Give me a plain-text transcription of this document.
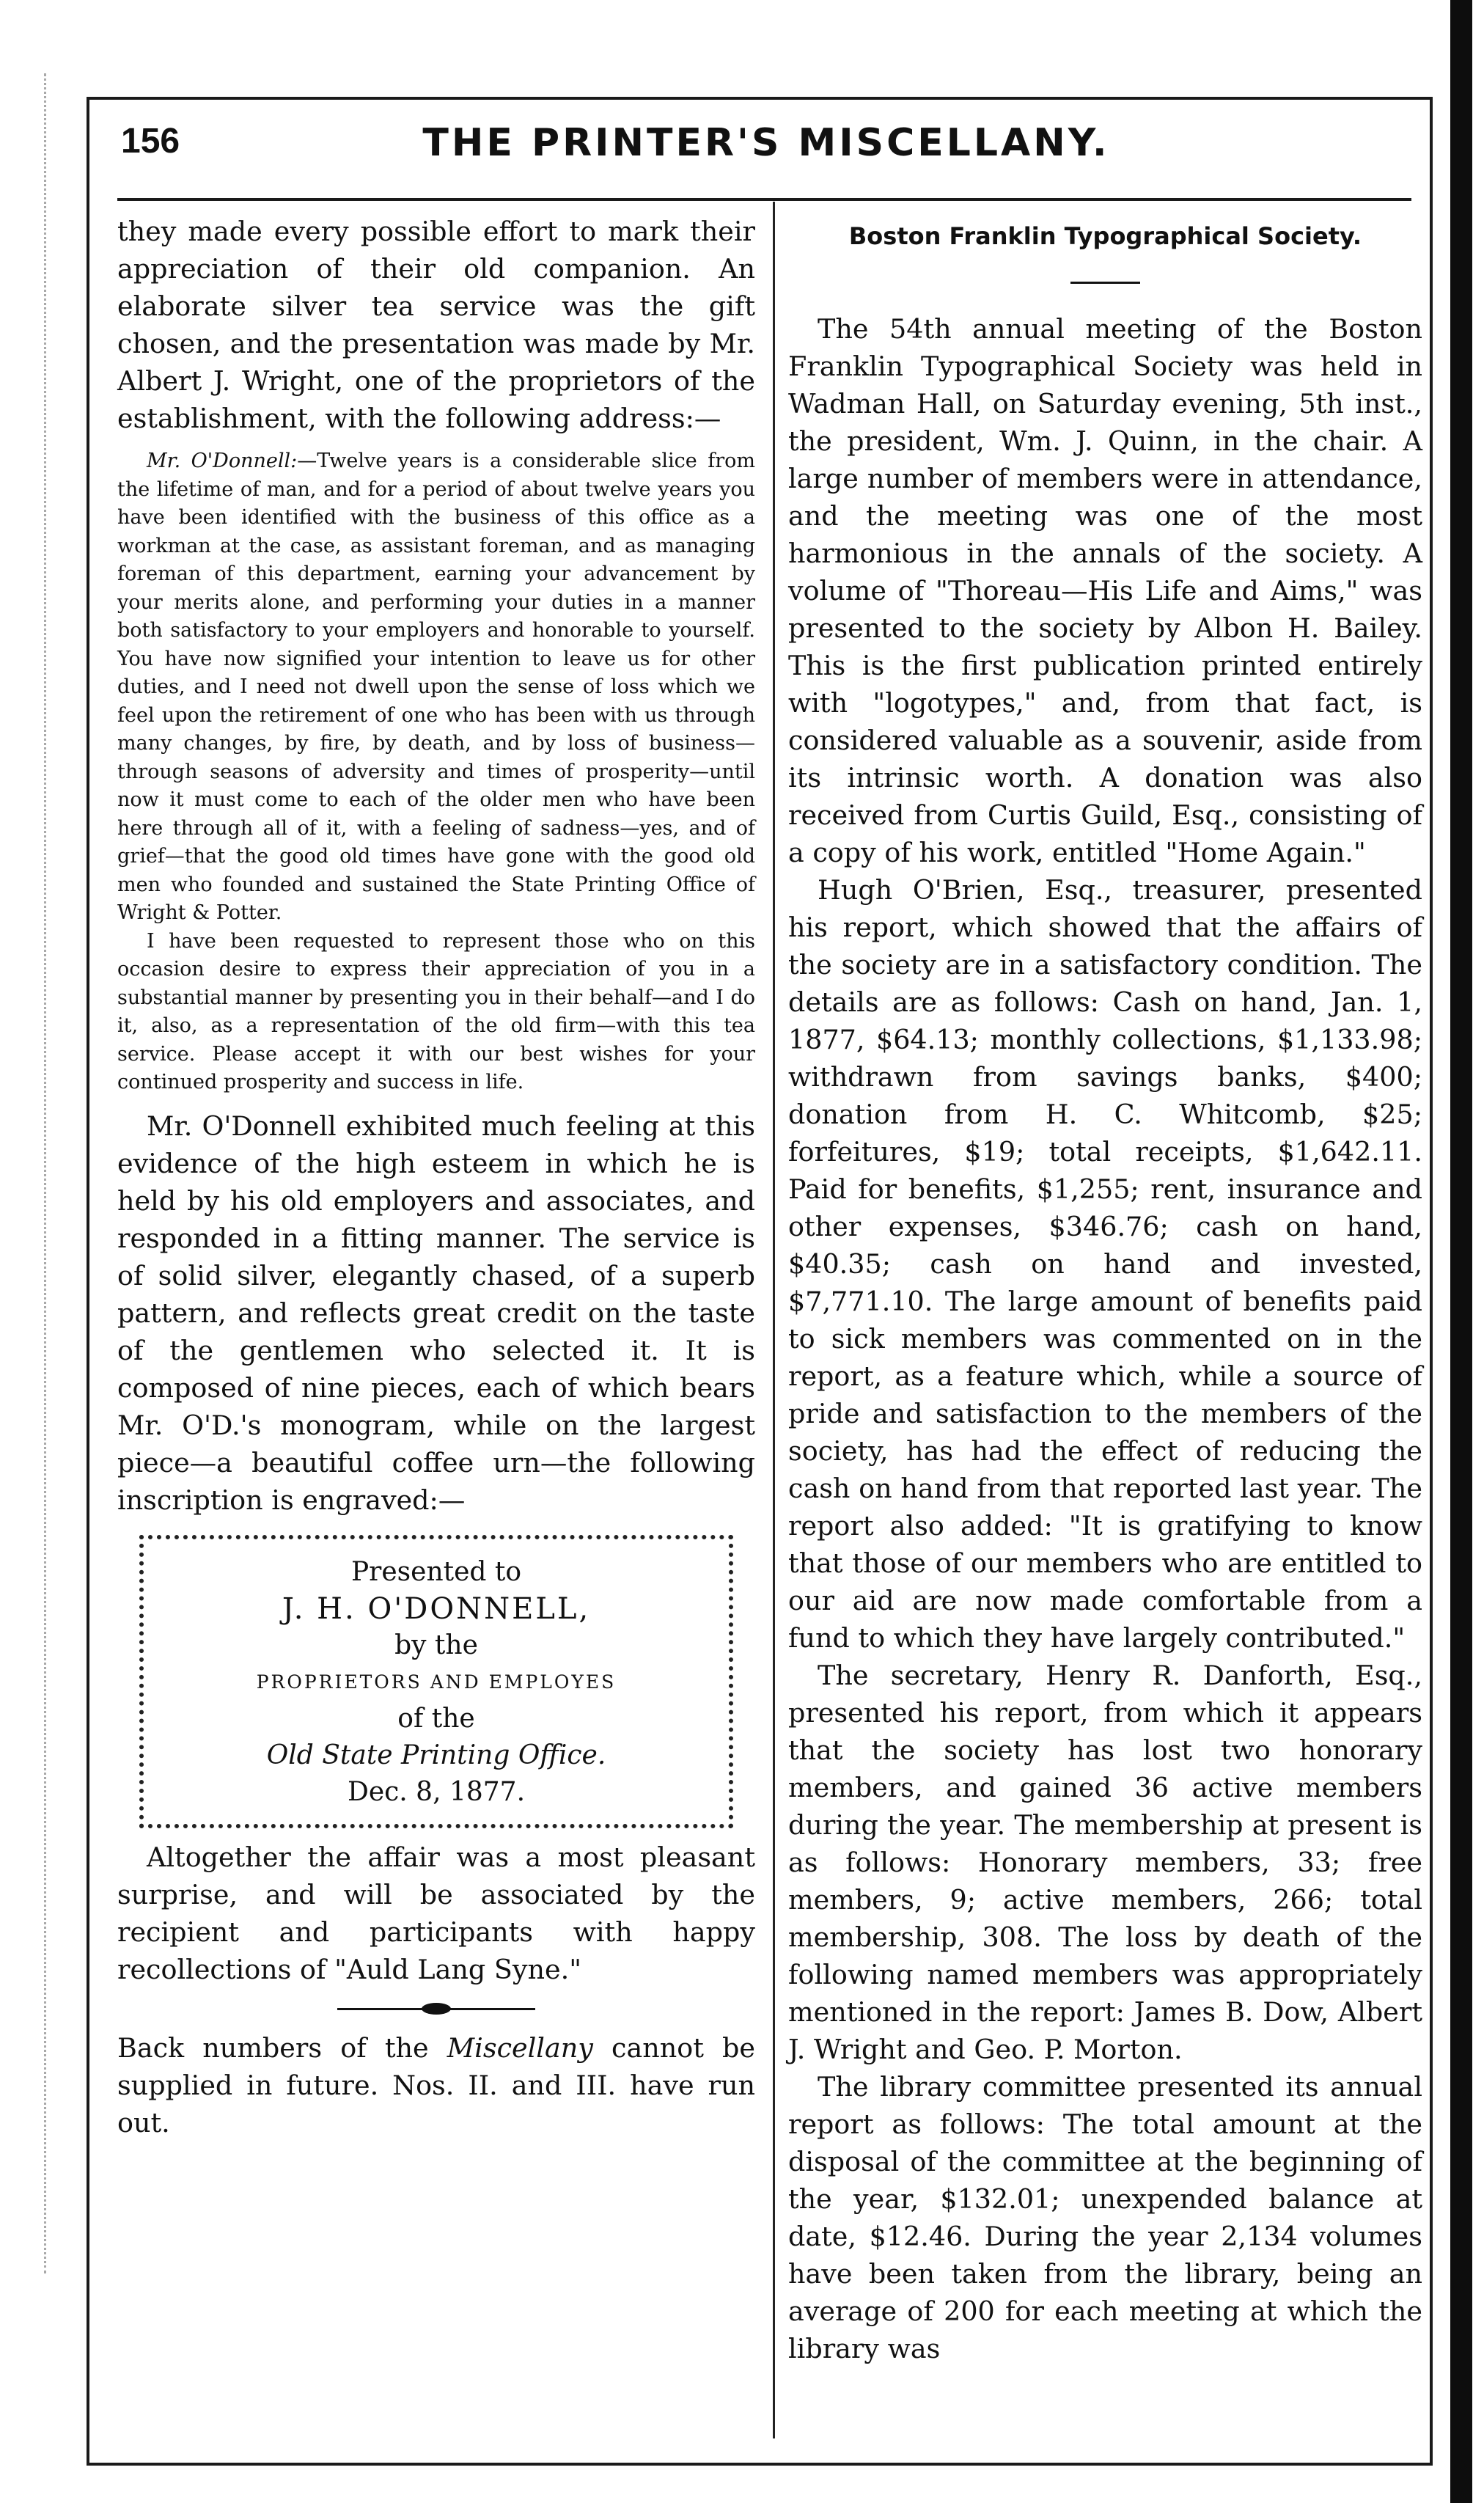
156	THE PRINTER'S MISCELLANY.

they made every possible effort to mark their appreciation of their old companion. An elaborate silver tea service was the gift chosen, and the presentation was made by Mr. Albert J. Wright, one of the proprietors of the establishment, with the following address:—

Mr. O'Donnell:—Twelve years is a considerable slice from the lifetime of man, and for a period of about twelve years you have been identified with the business of this office as a workman at the case, as assistant foreman, and as managing foreman of this department, earning your advancement by your merits alone, and performing your duties in a manner both satisfactory to your employers and honorable to yourself. You have now signified your intention to leave us for other duties, and I need not dwell upon the sense of loss which we feel upon the retirement of one who has been with us through many changes, by fire, by death, and by loss of business—through seasons of adversity and times of prosperity—until now it must come to each of the older men who have been here through all of it, with a feeling of sadness—yes, and of grief—that the good old times have gone with the good old men who founded and sustained the State Printing Office of Wright & Potter.

I have been requested to represent those who on this occasion desire to express their appreciation of you in a substantial manner by presenting you in their behalf—and I do it, also, as a representation of the old firm—with this tea service. Please accept it with our best wishes for your continued prosperity and success in life.

Mr. O'Donnell exhibited much feeling at this evidence of the high esteem in which he is held by his old employers and associates, and responded in a fitting manner. The service is of solid silver, elegantly chased, of a superb pattern, and reflects great credit on the taste of the gentlemen who selected it. It is composed of nine pieces, each of which bears Mr. O'D.'s monogram, while on the largest piece—a beautiful coffee urn—the following inscription is engraved:—

Presented to
J. H. O'DONNELL,
by the
PROPRIETORS AND EMPLOYES
of the
Old State Printing Office.
Dec. 8, 1877.

Altogether the affair was a most pleasant surprise, and will be associated by the recipient and participants with happy recollections of "Auld Lang Syne."

Back numbers of the Miscellany cannot be supplied in future. Nos. II. and III. have run out.

Boston Franklin Typographical Society.

The 54th annual meeting of the Boston Franklin Typographical Society was held in Wadman Hall, on Saturday evening, 5th inst., the president, Wm. J. Quinn, in the chair. A large number of members were in attendance, and the meeting was one of the most harmonious in the annals of the society. A volume of "Thoreau—His Life and Aims," was presented to the society by Albon H. Bailey. This is the first publication printed entirely with "logotypes," and, from that fact, is considered valuable as a souvenir, aside from its intrinsic worth. A donation was also received from Curtis Guild, Esq., consisting of a copy of his work, entitled "Home Again."

Hugh O'Brien, Esq., treasurer, presented his report, which showed that the affairs of the society are in a satisfactory condition. The details are as follows: Cash on hand, Jan. 1, 1877, $64.13; monthly collections, $1,133.98; withdrawn from savings banks, $400; donation from H. C. Whitcomb, $25; forfeitures, $19; total receipts, $1,642.11. Paid for benefits, $1,255; rent, insurance and other expenses, $346.76; cash on hand, $40.35; cash on hand and invested, $7,771.10. The large amount of benefits paid to sick members was commented on in the report, as a feature which, while a source of pride and satisfaction to the members of the society, has had the effect of reducing the cash on hand from that reported last year. The report also added: "It is gratifying to know that those of our members who are entitled to our aid are now made comfortable from a fund to which they have largely contributed."

The secretary, Henry R. Danforth, Esq., presented his report, from which it appears that the society has lost two honorary members, and gained 36 active members during the year. The membership at present is as follows: Honorary members, 33; free members, 9; active members, 266; total membership, 308. The loss by death of the following named members was appropriately mentioned in the report: James B. Dow, Albert J. Wright and Geo. P. Morton.

The library committee presented its annual report as follows: The total amount at the disposal of the committee at the beginning of the year, $132.01; unexpended balance at date, $12.46. During the year 2,134 volumes have been taken from the library, being an average of 200 for each meeting at which the library was
